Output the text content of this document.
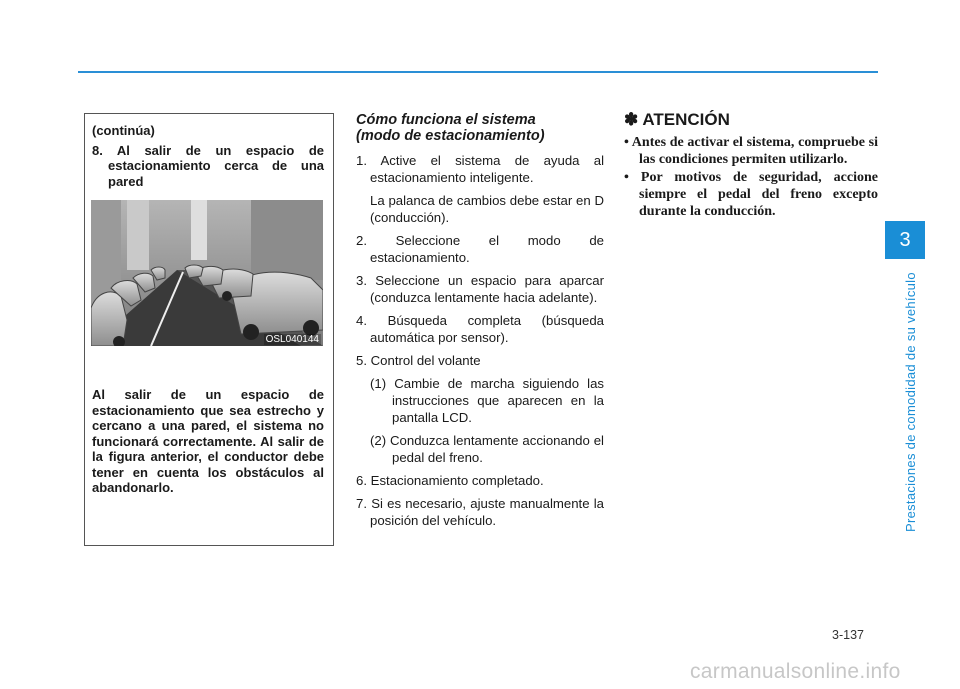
3
Prestaciones de comodidad de su vehículo
(continúa)
8. Al salir de un espacio de estacionamiento cerca de una pared
OSL040144
Al salir de un espacio de estacionamiento que sea estrecho y cercano a una pared, el sistema no funcionará correctamente. Al salir de la figura anterior, el conductor debe tener en cuenta los obstáculos al abandonarlo.
Cómo funciona el sistema
(modo de estacionamiento)

1. Active el sistema de ayuda al estacionamiento inteligente.

La palanca de cambios debe estar en D (conducción).

2. Seleccione el modo de estacionamiento.

3. Seleccione un espacio para aparcar (conduzca lentamente hacia adelante).

4. Búsqueda completa (búsqueda automática por sensor).

5. Control del volante

(1) Cambie de marcha siguiendo las instrucciones que aparecen en la pantalla LCD.

(2) Conduzca lentamente accionando el pedal del freno.

6. Estacionamiento completado.

7. Si es necesario, ajuste manualmente la posición del vehículo.

✽ ATENCIÓN
• Antes de activar el sistema, compruebe si las condiciones permiten utilizarlo.
• Por motivos de seguridad, accione siempre el pedal del freno excepto durante la conducción.
3-137
carmanualsonline.info
